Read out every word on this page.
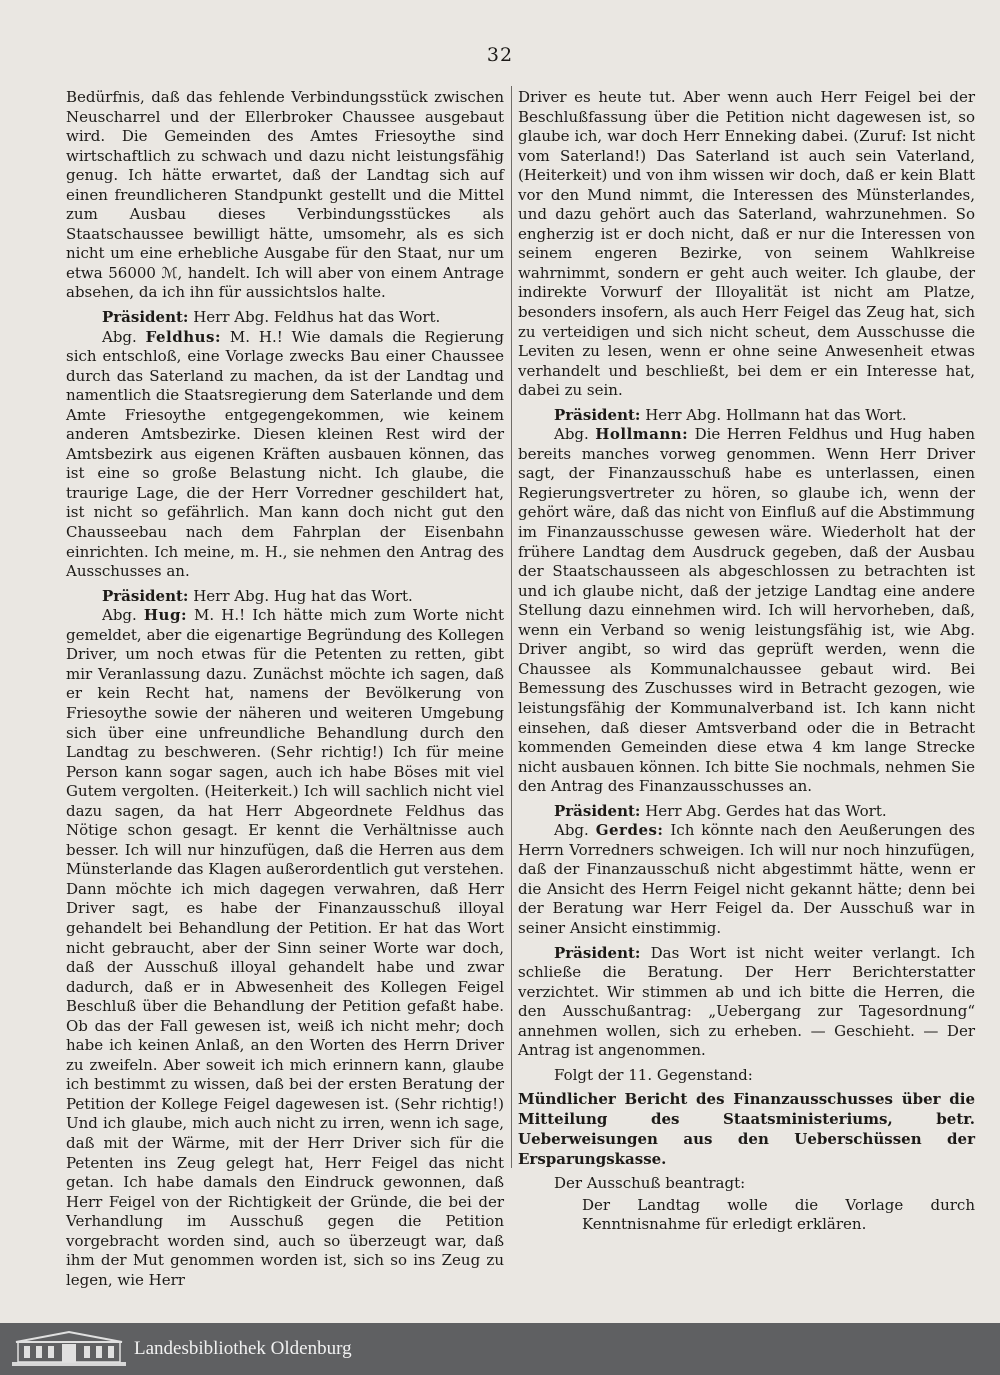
32

Bedürfnis, daß das fehlende Verbindungsstück zwischen Neuscharrel und der Ellerbroker Chaussee ausgebaut wird. Die Gemeinden des Amtes Friesoythe sind wirtschaftlich zu schwach und dazu nicht leistungsfähig genug. Ich hätte erwartet, daß der Landtag sich auf einen freundlicheren Standpunkt gestellt und die Mittel zum Ausbau dieses Verbindungsstückes als Staatschaussee bewilligt hätte, umsomehr, als es sich nicht um eine erhebliche Ausgabe für den Staat, nur um etwa 56000 ℳ, handelt. Ich will aber von einem Antrage absehen, da ich ihn für aussichtslos halte.

Präsident: Herr Abg. Feldhus hat das Wort.

Abg. Feldhus: M. H.! Wie damals die Regierung sich entschloß, eine Vorlage zwecks Bau einer Chaussee durch das Saterland zu machen, da ist der Landtag und namentlich die Staatsregierung dem Saterlande und dem Amte Friesoythe entgegengekommen, wie keinem anderen Amtsbezirke. Diesen kleinen Rest wird der Amtsbezirk aus eigenen Kräften ausbauen können, das ist eine so große Belastung nicht. Ich glaube, die traurige Lage, die der Herr Vorredner geschildert hat, ist nicht so gefährlich. Man kann doch nicht gut den Chausseebau nach dem Fahrplan der Eisenbahn einrichten. Ich meine, m. H., sie nehmen den Antrag des Ausschusses an.

Präsident: Herr Abg. Hug hat das Wort.

Abg. Hug: M. H.! Ich hätte mich zum Worte nicht gemeldet, aber die eigenartige Begründung des Kollegen Driver, um noch etwas für die Petenten zu retten, gibt mir Veranlassung dazu. Zunächst möchte ich sagen, daß er kein Recht hat, namens der Bevölkerung von Friesoythe sowie der näheren und weiteren Umgebung sich über eine unfreundliche Behandlung durch den Landtag zu beschweren. (Sehr richtig!) Ich für meine Person kann sogar sagen, auch ich habe Böses mit viel Gutem vergolten. (Heiterkeit.) Ich will sachlich nicht viel dazu sagen, da hat Herr Abgeordnete Feldhus das Nötige schon gesagt. Er kennt die Verhältnisse auch besser. Ich will nur hinzufügen, daß die Herren aus dem Münsterlande das Klagen außerordentlich gut verstehen. Dann möchte ich mich dagegen verwahren, daß Herr Driver sagt, es habe der Finanzausschuß illoyal gehandelt bei Behandlung der Petition. Er hat das Wort nicht gebraucht, aber der Sinn seiner Worte war doch, daß der Ausschuß illoyal gehandelt habe und zwar dadurch, daß er in Abwesenheit des Kollegen Feigel Beschluß über die Behandlung der Petition gefaßt habe. Ob das der Fall gewesen ist, weiß ich nicht mehr; doch habe ich keinen Anlaß, an den Worten des Herrn Driver zu zweifeln. Aber soweit ich mich erinnern kann, glaube ich bestimmt zu wissen, daß bei der ersten Beratung der Petition der Kollege Feigel dagewesen ist. (Sehr richtig!) Und ich glaube, mich auch nicht zu irren, wenn ich sage, daß mit der Wärme, mit der Herr Driver sich für die Petenten ins Zeug gelegt hat, Herr Feigel das nicht getan. Ich habe damals den Eindruck gewonnen, daß Herr Feigel von der Richtigkeit der Gründe, die bei der Verhandlung im Ausschuß gegen die Petition vorgebracht worden sind, auch so überzeugt war, daß ihm der Mut genommen worden ist, sich so ins Zeug zu legen, wie Herr

Driver es heute tut. Aber wenn auch Herr Feigel bei der Beschlußfassung über die Petition nicht dagewesen ist, so glaube ich, war doch Herr Enneking dabei. (Zuruf: Ist nicht vom Saterland!) Das Saterland ist auch sein Vaterland, (Heiterkeit) und von ihm wissen wir doch, daß er kein Blatt vor den Mund nimmt, die Interessen des Münsterlandes, und dazu gehört auch das Saterland, wahrzunehmen. So engherzig ist er doch nicht, daß er nur die Interessen von seinem engeren Bezirke, von seinem Wahlkreise wahrnimmt, sondern er geht auch weiter. Ich glaube, der indirekte Vorwurf der Illoyalität ist nicht am Platze, besonders insofern, als auch Herr Feigel das Zeug hat, sich zu verteidigen und sich nicht scheut, dem Ausschusse die Leviten zu lesen, wenn er ohne seine Anwesenheit etwas verhandelt und beschließt, bei dem er ein Interesse hat, dabei zu sein.

Präsident: Herr Abg. Hollmann hat das Wort.

Abg. Hollmann: Die Herren Feldhus und Hug haben bereits manches vorweg genommen. Wenn Herr Driver sagt, der Finanzausschuß habe es unterlassen, einen Regierungsvertreter zu hören, so glaube ich, wenn der gehört wäre, daß das nicht von Einfluß auf die Abstimmung im Finanzausschusse gewesen wäre. Wiederholt hat der frühere Landtag dem Ausdruck gegeben, daß der Ausbau der Staatschausseen als abgeschlossen zu betrachten ist und ich glaube nicht, daß der jetzige Landtag eine andere Stellung dazu einnehmen wird. Ich will hervorheben, daß, wenn ein Verband so wenig leistungsfähig ist, wie Abg. Driver angibt, so wird das geprüft werden, wenn die Chaussee als Kommunalchaussee gebaut wird. Bei Bemessung des Zuschusses wird in Betracht gezogen, wie leistungsfähig der Kommunalverband ist. Ich kann nicht einsehen, daß dieser Amtsverband oder die in Betracht kommenden Gemeinden diese etwa 4 km lange Strecke nicht ausbauen können. Ich bitte Sie nochmals, nehmen Sie den Antrag des Finanzausschusses an.

Präsident: Herr Abg. Gerdes hat das Wort.

Abg. Gerdes: Ich könnte nach den Aeußerungen des Herrn Vorredners schweigen. Ich will nur noch hinzufügen, daß der Finanzausschuß nicht abgestimmt hätte, wenn er die Ansicht des Herrn Feigel nicht gekannt hätte; denn bei der Beratung war Herr Feigel da. Der Ausschuß war in seiner Ansicht einstimmig.

Präsident: Das Wort ist nicht weiter verlangt. Ich schließe die Beratung. Der Herr Berichterstatter verzichtet. Wir stimmen ab und ich bitte die Herren, die den Ausschußantrag: „Uebergang zur Tagesordnung“ annehmen wollen, sich zu erheben. — Geschieht. — Der Antrag ist angenommen.

Folgt der 11. Gegenstand:

Mündlicher Bericht des Finanzausschusses über die Mitteilung des Staatsministeriums, betr. Ueberweisungen aus den Ueberschüssen der Ersparungskasse.

Der Ausschuß beantragt:

Der Landtag wolle die Vorlage durch Kenntnisnahme für erledigt erklären.

Landesbibliothek Oldenburg
